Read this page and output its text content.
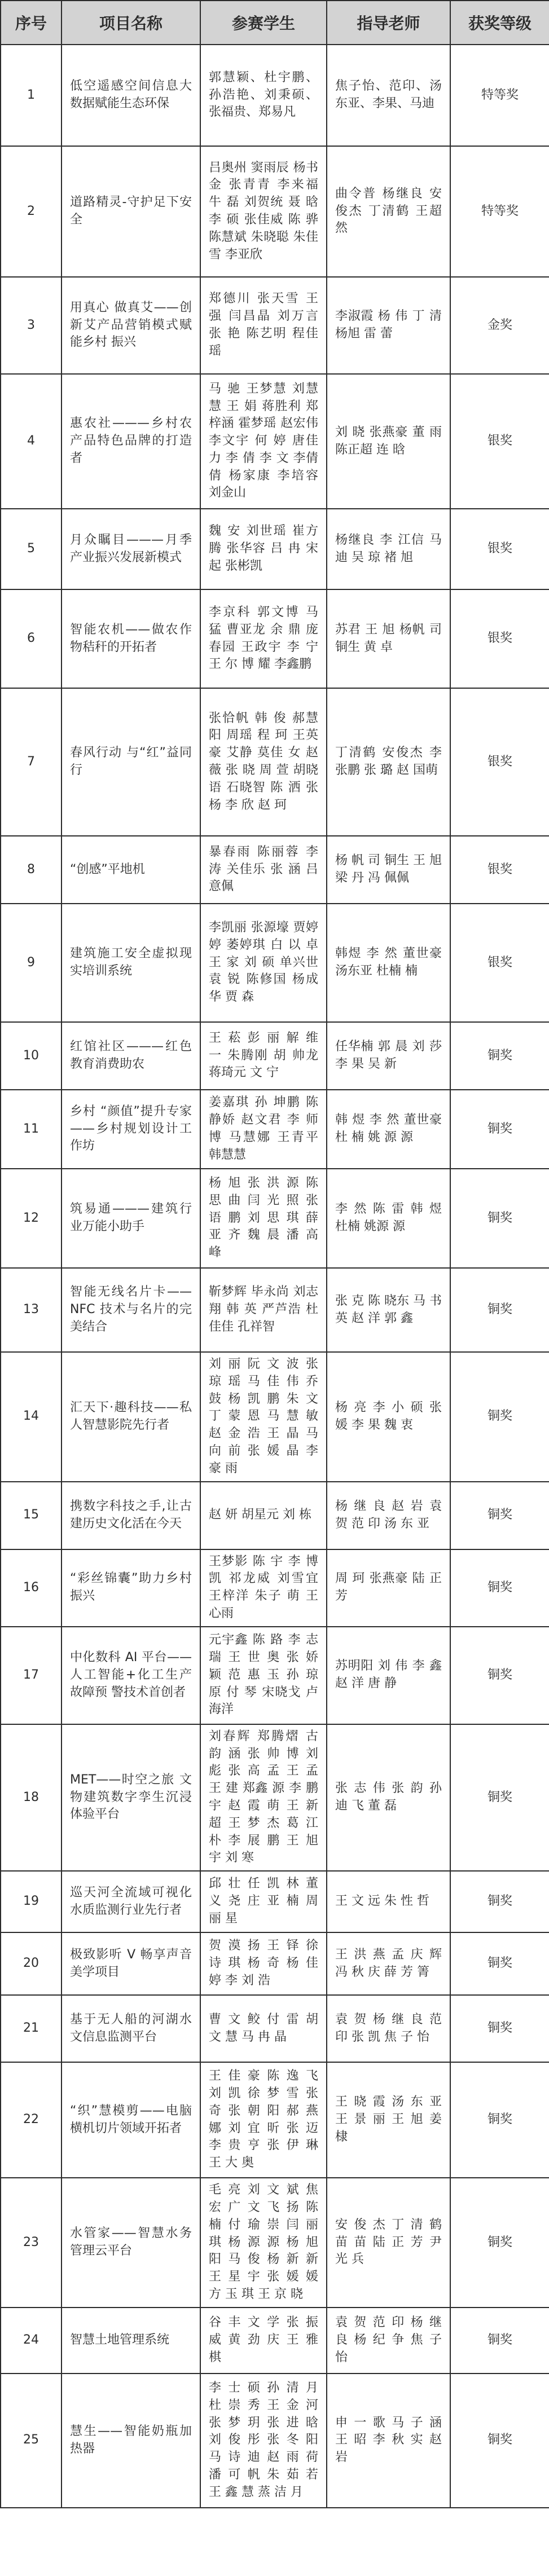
序号	项目名称	参赛学生	指导老师	获奖等级
1	低空遥感空间信息大数据赋能生态环保	郭慧颖、杜宇鹏、孙浩艳、刘秉硕、张福贵、郑易凡	焦子怡、范印、汤东亚、李果、马迪	特等奖
2	道路精灵-守护足下安全	吕奥州 窦雨辰 杨书金 张青青 李来福 牛 磊 刘贺统 聂 晗 李 硕 张佳威 陈 骅 陈慧斌 朱晓聪 朱佳雪 李亚欣	曲令普 杨继良 安俊杰 丁清鹤 王超然	特等奖
3	用真心 做真艾——创新艾产品营销模式赋能乡村 振兴	郑德川 张天雪 王 强 闫昌晶 刘万言 张 艳 陈艺明 程佳瑶	李淑霞 杨 伟 丁 清 杨旭 雷 蕾	金奖
4	惠农社———乡村农产品特色品牌的打造者	马 驰 王梦慧 刘慧慧 王 娟 蒋胜利 郑梓涵 霍梦瑶 赵宏伟 李文宇 何 婷 唐佳力 李 倩 李 文 李倩倩 杨家康 李培容 刘金山	刘 晓 张燕豪 董 雨 陈正超 连 晗	银奖
5	月众瞩目———月季产业振兴发展新模式	魏 安 刘世瑶 崔方腾 张华容 吕 冉 宋 起 张彬凯	杨继良 李 江信 马 迪 吴 琼 褚 旭	银奖
6	智能农机——做农作物秸秆的开拓者	李京科 郭文博 马 猛 曹亚龙 余 鼎 庞春园 王政宇 李 宁 王 尔 博 耀 李鑫鹏	苏君 王 旭 杨帆 司铜生 黄 卓	银奖
7	春风行动 与“红”益同行	张恰帆 韩 俊 郝慧阳 周瑶 程 珂 王英豪 艾静 莫佳 女 赵薇 张 晓 周 萱 胡晓语 石晓智 陈 洒 张杨 李 欣 赵 珂	丁清鹤 安俊杰 李 张鹏 张 璐 赵 国萌	银奖
8	“创感”平地机	暴春雨 陈丽蓉 李 涛 关佳乐 张 涵 吕意佩	杨 帆 司 铜生 王 旭 梁 丹 冯 佩佩	银奖
9	建筑施工安全虚拟现实培训系统	李凯丽 张源壕 贾婷 婷 萎婷琪 白 以 卓 王 家 刘 硕 单兴世 袁 锐 陈修国 杨成华 贾 森	韩煜 李 然 董世豪 汤东亚 杜楠 楠	银奖
10	红馆社区———红色教育消费助农	王 菘 彭 丽 解 维 一 朱腾刚 胡 帅龙 蒋琦元 文 宁	任华楠 郭 晨 刘 莎 李 果 吴 新	铜奖
11	乡村 “颜值”提升专家——乡村规划设计工作坊	姜嘉琪 孙 坤鹏 陈静娇 赵文君 李 师博 马慧娜 王青平 韩慧慧	韩 煜 李 然 董世豪 杜 楠 姚 源 源	铜奖
12	筑易通———建筑行业万能小助手	杨 旭 张 洪 源 陈 思 曲 闫 光 照 张 语 鹏 刘 思 琪 薛 亚 齐 魏 晨 潘 高 峰	李 然 陈 雷 韩 煜 杜楠 姚源 源	铜奖
13	智能无线名片卡——NFC 技术与名片的完美结合	靳梦辉 毕永尚 刘志翔 韩 英 严芦浩 杜佳佳 孔祥智	张 克 陈 晓东 马 书 英 赵 洋 郭 鑫	铜奖
14	汇天下·趣科技——私人智慧影院先行者	刘 丽 阮 文 波 张 琼 瑶 马 佳 伟 乔 鼓 杨 凯 鹏 朱 文 丁 蒙 恩 马 慧 敏 赵 金 浩 王 晶 马 向 前 张 媛 晶 李 豪 雨	杨 亮 李 小 硕 张 媛 李 果 魏 衷	铜奖
15	携数字科技之手,让古建历史文化活在今天	赵 妍 胡星元 刘 栋	杨 继 良 赵 岩 袁 贺 范 印 汤 东 亚	铜奖
16	“彩丝锦囊”助力乡村振兴	王梦影 陈 宇 李 博 凯 祁龙威 刘雪宜 王梓洋 朱子 萌 王心雨	周 珂 张燕豪 陆 正 芳	铜奖
17	中化数科 AI 平台——人工智能+化工生产故障预 警技术首创者	元宇鑫 陈 路 李 志 瑞 王 世 奥 张 娇 颖 范 惠 玉 孙 琼 原 付 琴 宋晓戈 卢海洋	苏明阳 刘 伟 李 鑫 赵 洋 唐 静	铜奖
18	MET——时空之旅 文物建筑数字孪生沉浸体验平台	刘春辉 郑腾熠 古 韵 涵 张 帅 博 刘 彪 张 高 孟 王 孟 王 建 郑鑫 源 李 鹏 宇 赵 霞 萌 王 新 超 王 梦 杰 葛 江 朴 李 展 鹏 王 旭 宇 刘 寒	张 志 伟 张 韵 孙 迪 飞 董 磊	铜奖
19	巡天河全流域可视化水质监测行业先行者	邱 壮 任 凯 林 董 义 尧 庄 亚 楠 周 丽 星	王 文 远 朱 性 哲	铜奖
20	极致影听 V 畅享声音美学项目	贺 漠 扬 王 铎 徐 诗 琪 杨 奇 杨 佳 婷 李 刘 浩	王 洪 燕 孟 庆 辉 冯 秋 庆 薛 芳 箐	铜奖
21	基于无人船的河湖水文信息监测平台	曹 文 鲛 付 雷 胡 文 慧 马 冉 晶	袁 贺 杨 继 良 范 印 张 凯 焦 子 怡	铜奖
22	“织”慧模剪——电脑横机切片领域开拓者	王 佳 豪 陈 逸 飞 刘 凯 徐 梦 雪 张 奇 张 朝 阳 郝 燕 娜 刘 宜 昕 张 迈 李 贵 亨 张 伊 琳 王 大 奥	王 晓 霞 汤 东 亚 王 景 丽 王 旭 姜 棣	铜奖
23	水管家——智慧水务管理云平台	毛 亮 刘 文 斌 焦 宏 广 文 飞 扬 陈 楠 付 瑜 崇 闫 丽 琪 杨 源 源 杨 旭 阳 马 俊 杨 新 新 王 星 宇 张 媛 媛 方 玉 琪 王 京 晓	安 俊 杰 丁 清 鹤 苗 苗 陆 正 芳 尹 光 兵	铜奖
24	智慧土地管理系统	谷 丰 文 学 张 振 威 黄 劲 庆 王 雅 棋	袁 贺 范 印 杨 继 良 杨 纪 争 焦 子 怡	铜奖
25	慧生——智能奶瓶加热器	李 士 硕 孙 清 月 杜 崇 秀 王 金 河 张 梦 玥 张 进 晗 刘 俊 彤 张 冬 阳 马 诗 迪 赵 雨 荷 潘 可 帆 朱 茹 若 王 鑫 慧 蒸 洁 月	申 一 歌 马 子 涵 王 昭 李 秋 实 赵 岩	铜奖
